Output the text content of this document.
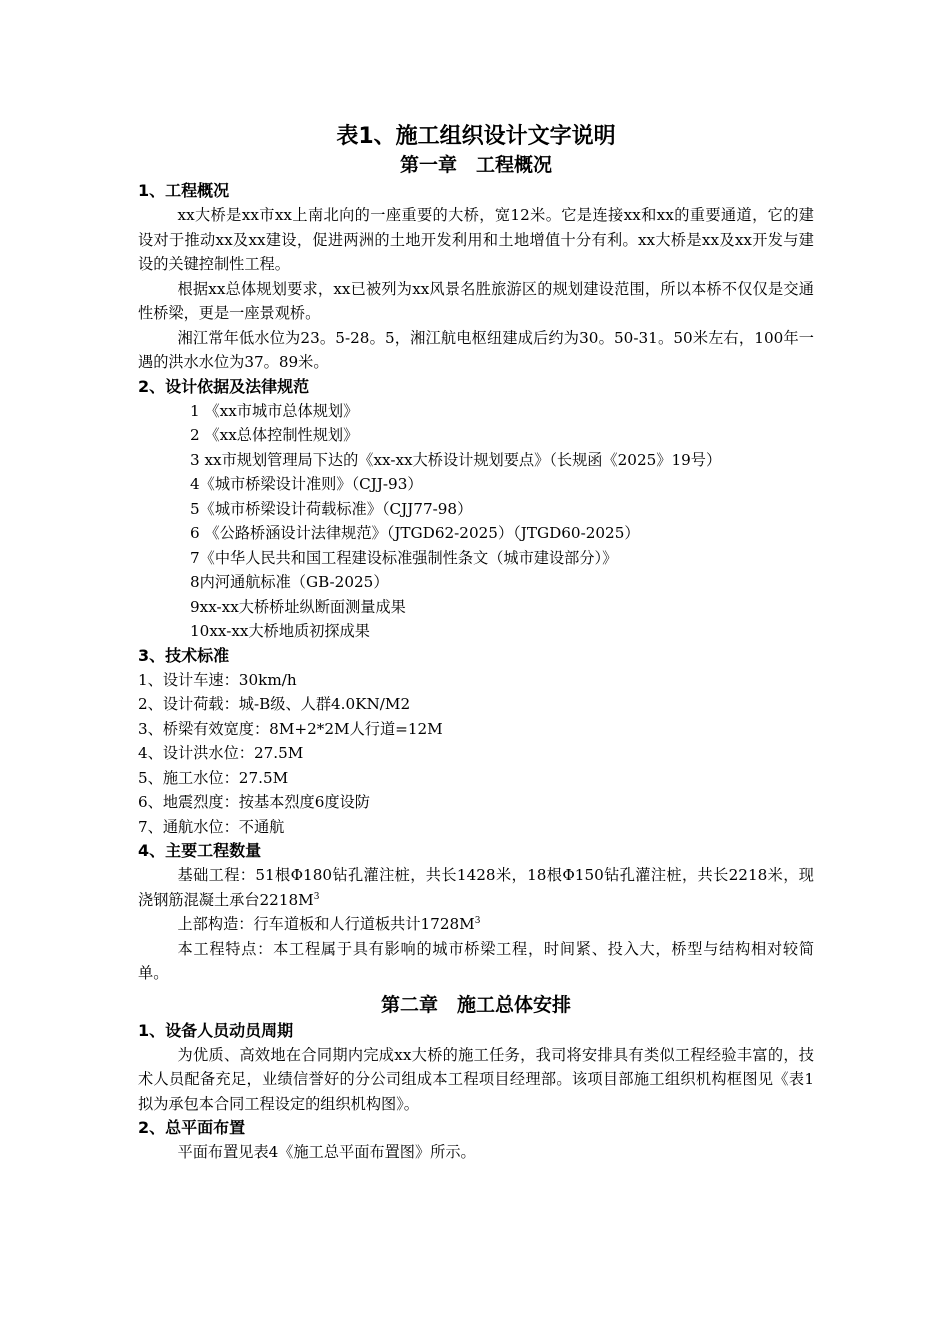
表1、施工组织设计文字说明
第一章　工程概况
1、工程概况

xx大桥是xx市xx上南北向的一座重要的大桥，宽12米。它是连接xx和xx的重要通道，它的建设对于推动xx及xx建设，促进两洲的土地开发利用和土地增值十分有利。xx大桥是xx及xx开发与建设的关键控制性工程。

根据xx总体规划要求，xx已被列为xx风景名胜旅游区的规划建设范围，所以本桥不仅仅是交通性桥梁，更是一座景观桥。

湘江常年低水位为23。5-28。5，湘江航电枢纽建成后约为30。50-31。50米左右，100年一遇的洪水水位为37。89米。

2、设计依据及法律规范

1 《xx市城市总体规划》

2 《xx总体控制性规划》

3 xx市规划管理局下达的《xx-xx大桥设计规划要点》（长规函《2025》19号）

4《城市桥梁设计准则》（CJJ-93）

5《城市桥梁设计荷载标准》（CJJ77-98）

6 《公路桥涵设计法律规范》（JTGD62-2025）（JTGD60-2025）

7《中华人民共和国工程建设标准强制性条文（城市建设部分）》

8内河通航标准（GB-2025）

9xx-xx大桥桥址纵断面测量成果

10xx-xx大桥地质初探成果

3、技术标准

1、设计车速：30km/h

2、设计荷载：城-B级、人群4.0KN/M2

3、桥梁有效宽度：8M+2*2M人行道=12M

4、设计洪水位：27.5M

5、施工水位：27.5M

6、地震烈度：按基本烈度6度设防

7、通航水位：不通航

4、主要工程数量

基础工程：51根Φ180钻孔灌注桩，共长1428米，18根Φ150钻孔灌注桩，共长2218米，现浇钢筋混凝土承台$2218M^3$

上部构造：行车道板和人行道板共计$1728M^3$

本工程特点：本工程属于具有影响的城市桥梁工程，时间紧、投入大，桥型与结构相对较简单。

第二章　施工总体安排
1、设备人员动员周期

为优质、高效地在合同期内完成xx大桥的施工任务，我司将安排具有类似工程经验丰富的，技术人员配备充足，业绩信誉好的分公司组成本工程项目经理部。该项目部施工组织机构框图见《表1拟为承包本合同工程设定的组织机构图》。

2、总平面布置

平面布置见表4《施工总平面布置图》所示。
